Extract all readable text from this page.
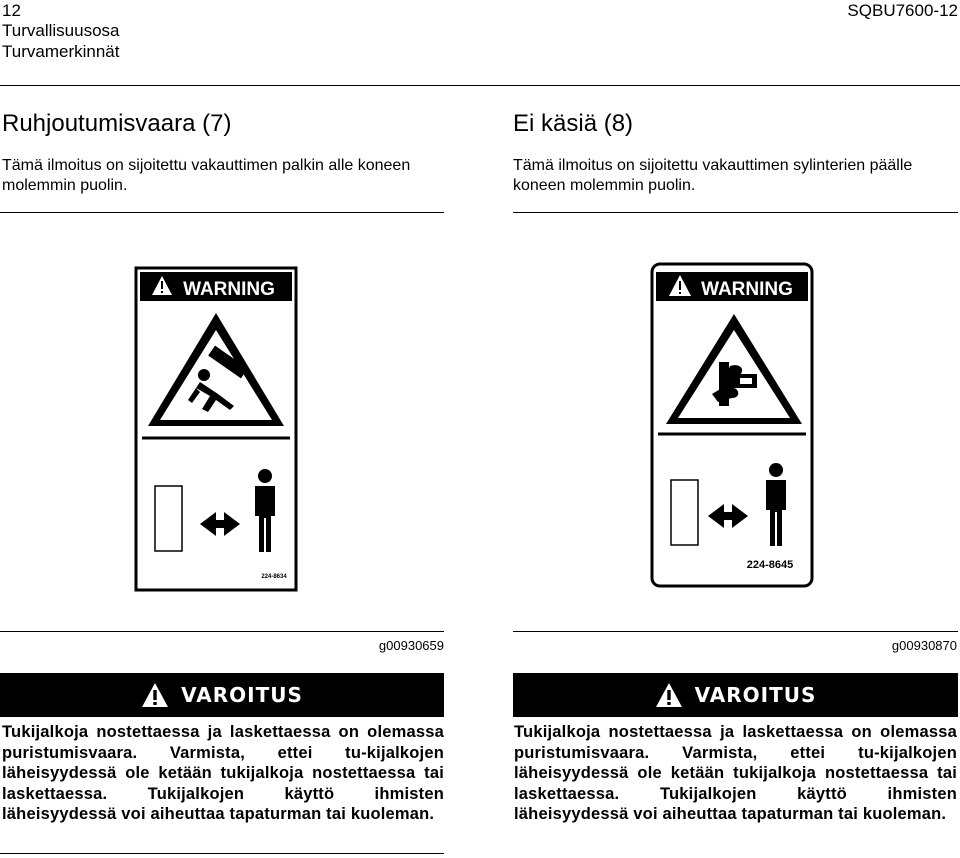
12
Turvallisuusosa
Turvamerkinnät
SQBU7600-12
Ruhjoutumisvaara (7)
Tämä ilmoitus on sijoitettu vakauttimen palkin alle koneen molemmin puolin.
Ei käsiä (8)
Tämä ilmoitus on sijoitettu vakauttimen sylinterien päälle koneen molemmin puolin.
WARNING
224-8634
WARNING
224-8645
g00930659	g00930870
VAROITUS
Tukijalkoja nostettaessa ja laskettaessa on olemassa puristumisvaara. Varmista, ettei tu-kijalkojen läheisyydessä ole ketään tukijalkoja nostettaessa tai laskettaessa. Tukijalkojen käyttö ihmisten läheisyydessä voi aiheuttaa tapaturman tai kuoleman.
VAROITUS
Tukijalkoja nostettaessa ja laskettaessa on olemassa puristumisvaara. Varmista, ettei tu-kijalkojen läheisyydessä ole ketään tukijalkoja nostettaessa tai laskettaessa. Tukijalkojen käyttö ihmisten läheisyydessä voi aiheuttaa tapaturman tai kuoleman.
